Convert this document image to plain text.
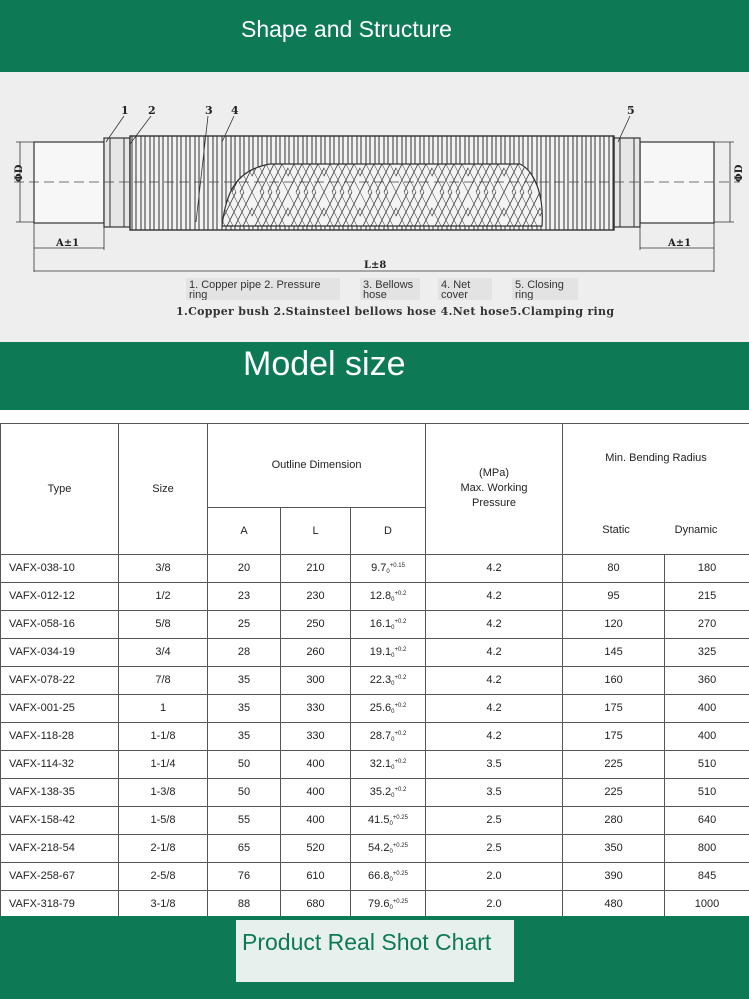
Shape and Structure
ΦD	ΦD
A±1	A±1
L±8
1 2	3 4	5
1. Copper pipe 2. Pressure ring
3. Bellows hose
4. Net cover
5. Closing ring
1.Copper bush 2.Stainsteel bellows hose 4.Net hose5.Clamping ring
Model size
Type	Size	Outline Dimension			(MPa)
Max. Working Pressure	Min. Bending Radius	
		A	L	D		Static Dynamic	
VAFX-038-10	3/8	20	210	$9.7_0^{+0.15}$	4.2	80	180
VAFX-012-12	1/2	23	230	$12.8_0^{+0.2}$	4.2	95	215
VAFX-058-16	5/8	25	250	$16.1_0^{+0.2}$	4.2	120	270
VAFX-034-19	3/4	28	260	$19.1_0^{+0.2}$	4.2	145	325
VAFX-078-22	7/8	35	300	$22.3_0^{+0.2}$	4.2	160	360
VAFX-001-25	1	35	330	$25.6_0^{+0.2}$	4.2	175	400
VAFX-118-28	1-1/8	35	330	$28.7_0^{+0.2}$	4.2	175	400
VAFX-114-32	1-1/4	50	400	$32.1_0^{+0.2}$	3.5	225	510
VAFX-138-35	1-3/8	50	400	$35.2_0^{+0.2}$	3.5	225	510
VAFX-158-42	1-5/8	55	400	$41.5_0^{+0.25}$	2.5	280	640
VAFX-218-54	2-1/8	65	520	$54.2_0^{+0.25}$	2.5	350	800
VAFX-258-67	2-5/8	76	610	$66.8_0^{+0.25}$	2.0	390	845
VAFX-318-79	3-1/8	88	680	$79.6_0^{+0.25}$	2.0	480	1000
Product Real Shot Chart
